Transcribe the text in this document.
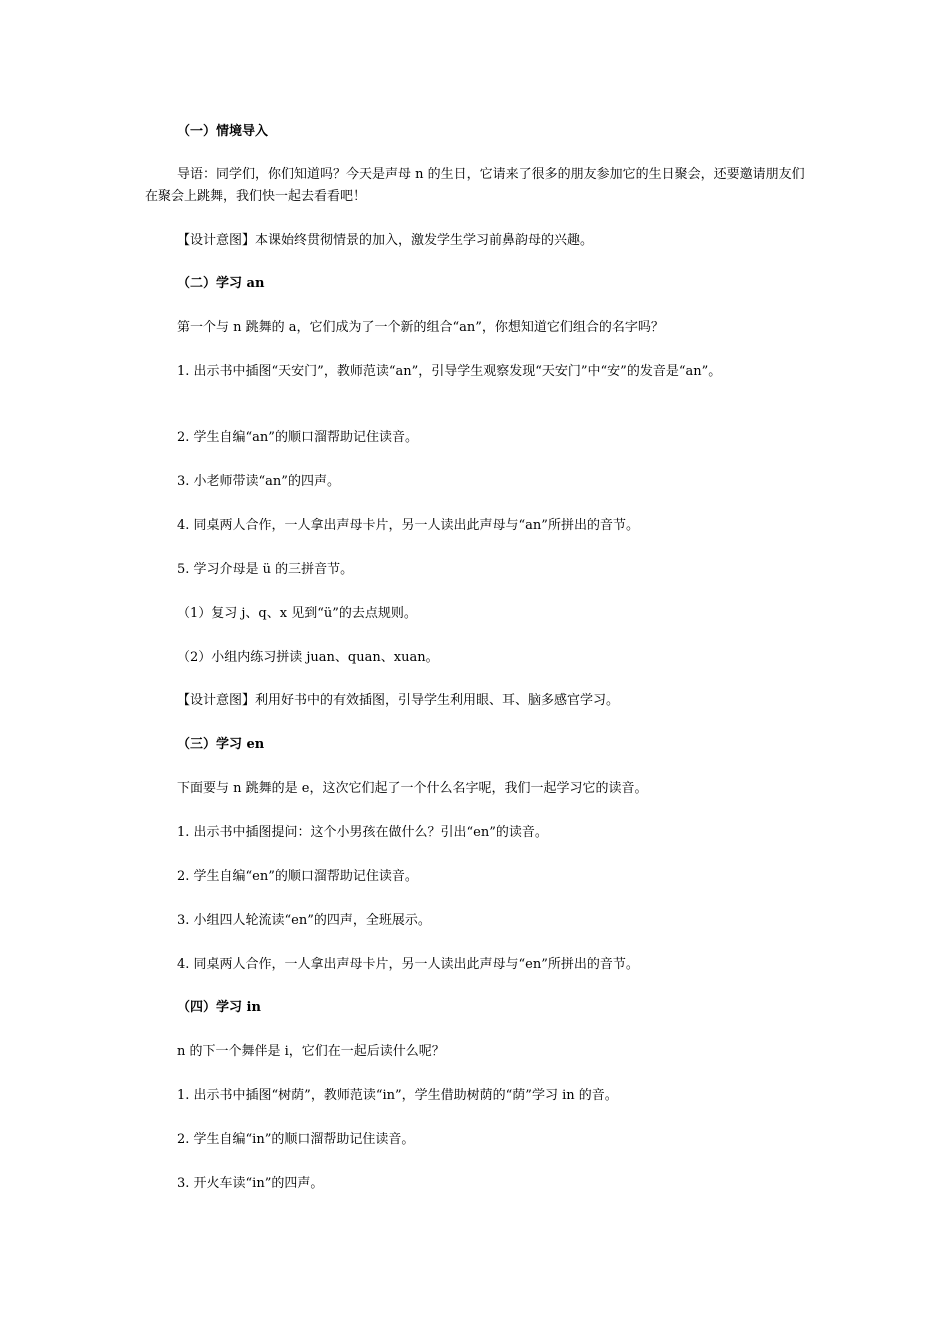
（一）情境导入
导语：同学们，你们知道吗？今天是声母 n 的生日，它请来了很多的朋友参加它的生日聚会，还要邀请朋友们在聚会上跳舞，我们快一起去看看吧！
【设计意图】本课始终贯彻情景的加入，激发学生学习前鼻韵母的兴趣。
（二）学习 an
第一个与 n 跳舞的 a，它们成为了一个新的组合“an”，你想知道它们组合的名字吗？
1. 出示书中插图“天安门”，教师范读“an”，引导学生观察发现“天安门”中“安”的发音是“an”。
2. 学生自编“an”的顺口溜帮助记住读音。
3. 小老师带读“an”的四声。
4. 同桌两人合作，一人拿出声母卡片，另一人读出此声母与“an”所拼出的音节。
5. 学习介母是 ü 的三拼音节。
（1）复习 j、q、x 见到“ü”的去点规则。
（2）小组内练习拼读 juan、quan、xuan。
【设计意图】利用好书中的有效插图，引导学生利用眼、耳、脑多感官学习。
（三）学习 en
下面要与 n 跳舞的是 e，这次它们起了一个什么名字呢，我们一起学习它的读音。
1. 出示书中插图提问：这个小男孩在做什么？引出“en”的读音。
2. 学生自编“en”的顺口溜帮助记住读音。
3. 小组四人轮流读“en”的四声，全班展示。
4. 同桌两人合作，一人拿出声母卡片，另一人读出此声母与“en”所拼出的音节。
（四）学习 in
n 的下一个舞伴是 i，它们在一起后读什么呢？
1. 出示书中插图“树荫”，教师范读“in”，学生借助树荫的“荫”学习 in 的音。
2. 学生自编“in”的顺口溜帮助记住读音。
3. 开火车读“in”的四声。
